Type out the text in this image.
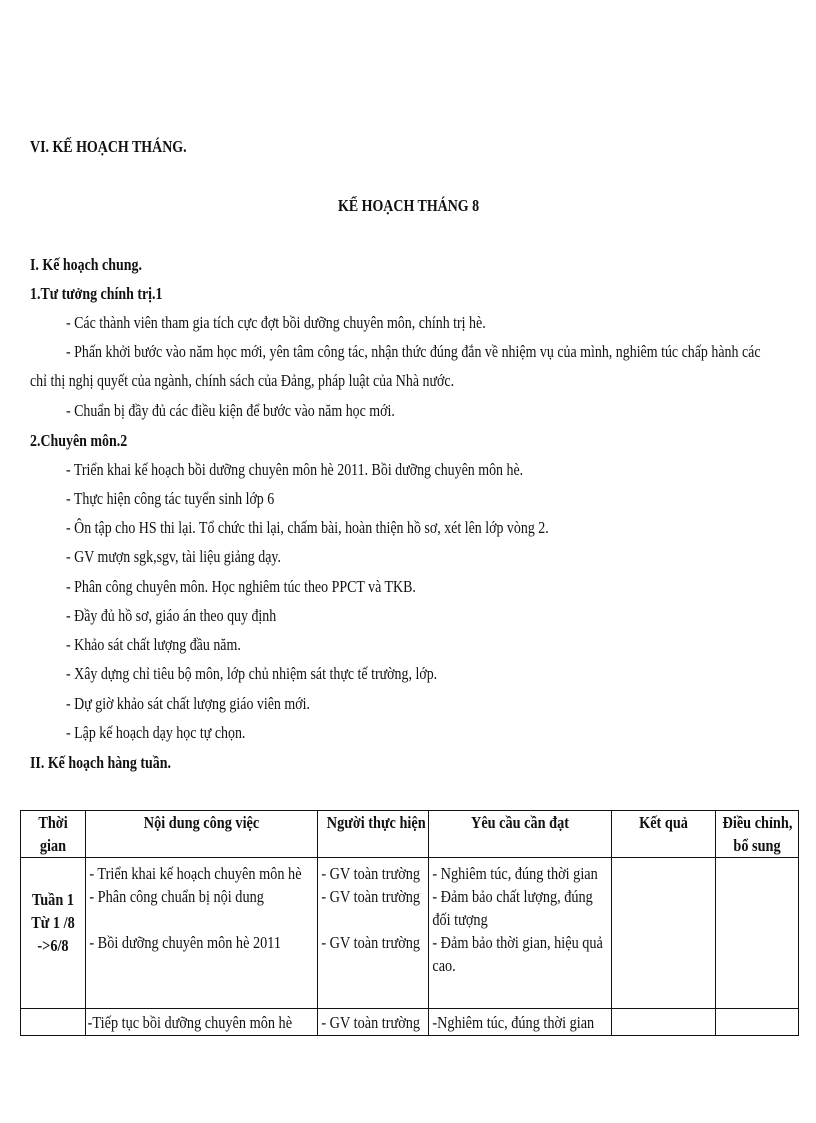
VI. KẾ HOẠCH THÁNG.
KẾ HOẠCH THÁNG 8
I. Kế hoạch chung.
1.Tư tưởng chính trị.1
- Các thành viên tham gia tích cực đợt bồi dưỡng chuyên môn, chính trị hè.
- Phấn khởi bước vào năm học mới, yên tâm công tác, nhận thức đúng đắn về nhiệm vụ của mình, nghiêm túc chấp hành các
chỉ thị nghị quyết của ngành, chính sách của Đảng, pháp luật của Nhà nước.
- Chuẩn bị đầy đủ các điều kiện để bước vào năm học mới.
2.Chuyên môn.2
- Triển khai kế hoạch bồi dưỡng chuyên môn hè 2011. Bồi dưỡng chuyên môn hè.
- Thực hiện công tác tuyển sinh lớp 6
- Ôn tập cho HS thi lại. Tổ chức thi lại, chấm bài, hoàn thiện hồ sơ, xét lên lớp vòng 2.
- GV mượn sgk,sgv, tài liệu giảng dạy.
- Phân công chuyên môn. Học nghiêm túc theo PPCT và TKB.
- Đầy đủ hồ sơ, giáo án theo quy định
- Khảo sát chất lượng đầu năm.
- Xây dựng chỉ tiêu bộ môn, lớp chủ nhiệm sát thực tế trường, lớp.
- Dự giờ khảo sát chất lượng giáo viên mới.
- Lập kế hoạch dạy học tự chọn.
II. Kế hoạch hàng tuần.
Thời
gian	Nội dung công việc	Người thực hiện	Yêu cầu cần đạt	Kết quả	Điều chỉnh,
bổ sung

Tuần 1
Từ 1 /8
->6/8	- Triển khai kế hoạch chuyên môn hè
- Phân công chuẩn bị nội dung
- Bồi dưỡng chuyên môn hè 2011	- GV toàn trường
- GV toàn trường
- GV toàn trường	- Nghiêm túc, đúng thời gian
- Đảm bảo chất lượng, đúng
đối tượng
- Đảm bảo thời gian, hiệu quả
cao.		

	-Tiếp tục bồi dưỡng chuyên môn hè	- GV toàn trường	-Nghiêm túc, đúng thời gian		
